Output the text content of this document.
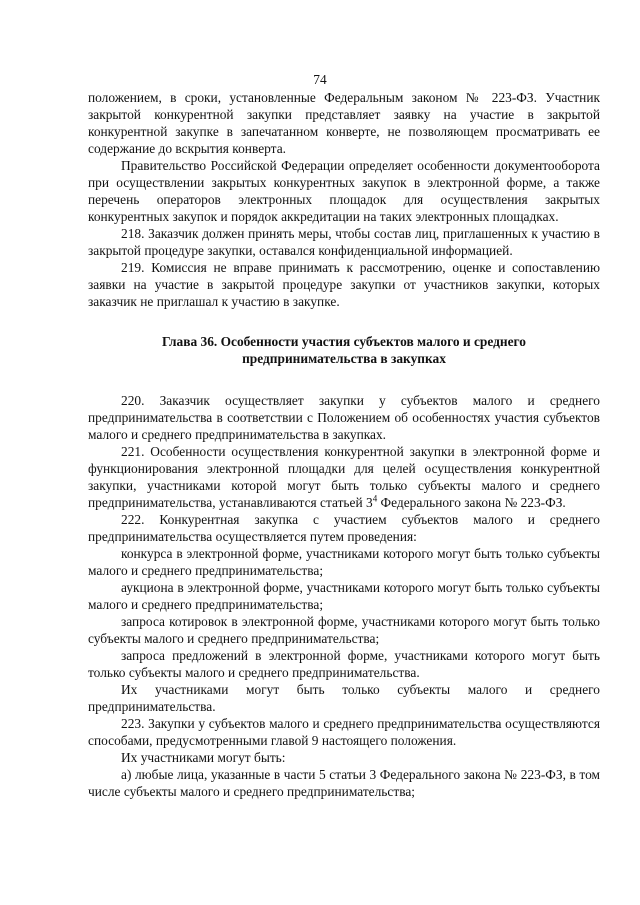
74

положением, в сроки, установленные Федеральным законом № 223-ФЗ. Участник закрытой конкурентной закупки представляет заявку на участие в закрытой конкурентной закупке в запечатанном конверте, не позволяющем просматривать ее содержание до вскрытия конверта.

Правительство Российской Федерации определяет особенности документооборота при осуществлении закрытых конкурентных закупок в электронной форме, а также перечень операторов электронных площадок для осуществления закрытых конкурентных закупок и порядок аккредитации на таких электронных площадках.

218. Заказчик должен принять меры, чтобы состав лиц, приглашенных к участию в закрытой процедуре закупки, оставался конфиденциальной информацией.

219. Комиссия не вправе принимать к рассмотрению, оценке и сопоставлению заявки на участие в закрытой процедуре закупки от участников закупки, которых заказчик не приглашал к участию в закупке.

Глава 36. Особенности участия субъектов малого и среднего предпринимательства в закупках

220. Заказчик осуществляет закупки у субъектов малого и среднего предпринимательства в соответствии с Положением об особенностях участия субъектов малого и среднего предпринимательства в закупках.

221. Особенности осуществления конкурентной закупки в электронной форме и функционирования электронной площадки для целей осуществления конкурентной закупки, участниками которой могут быть только субъекты малого и среднего предпринимательства, устанавливаются статьей $3^4$ Федерального закона № 223-ФЗ.

222. Конкурентная закупка с участием субъектов малого и среднего предпринимательства осуществляется путем проведения:

конкурса в электронной форме, участниками которого могут быть только субъекты малого и среднего предпринимательства;

аукциона в электронной форме, участниками которого могут быть только субъекты малого и среднего предпринимательства;

запроса котировок в электронной форме, участниками которого могут быть только субъекты малого и среднего предпринимательства;

запроса предложений в электронной форме, участниками которого могут быть только субъекты малого и среднего предпринимательства.

Их участниками могут быть только субъекты малого и среднего предпринимательства.

223. Закупки у субъектов малого и среднего предпринимательства осуществляются способами, предусмотренными главой 9 настоящего положения.

Их участниками могут быть:

а) любые лица, указанные в части 5 статьи 3 Федерального закона № 223-ФЗ, в том числе субъекты малого и среднего предпринимательства;
